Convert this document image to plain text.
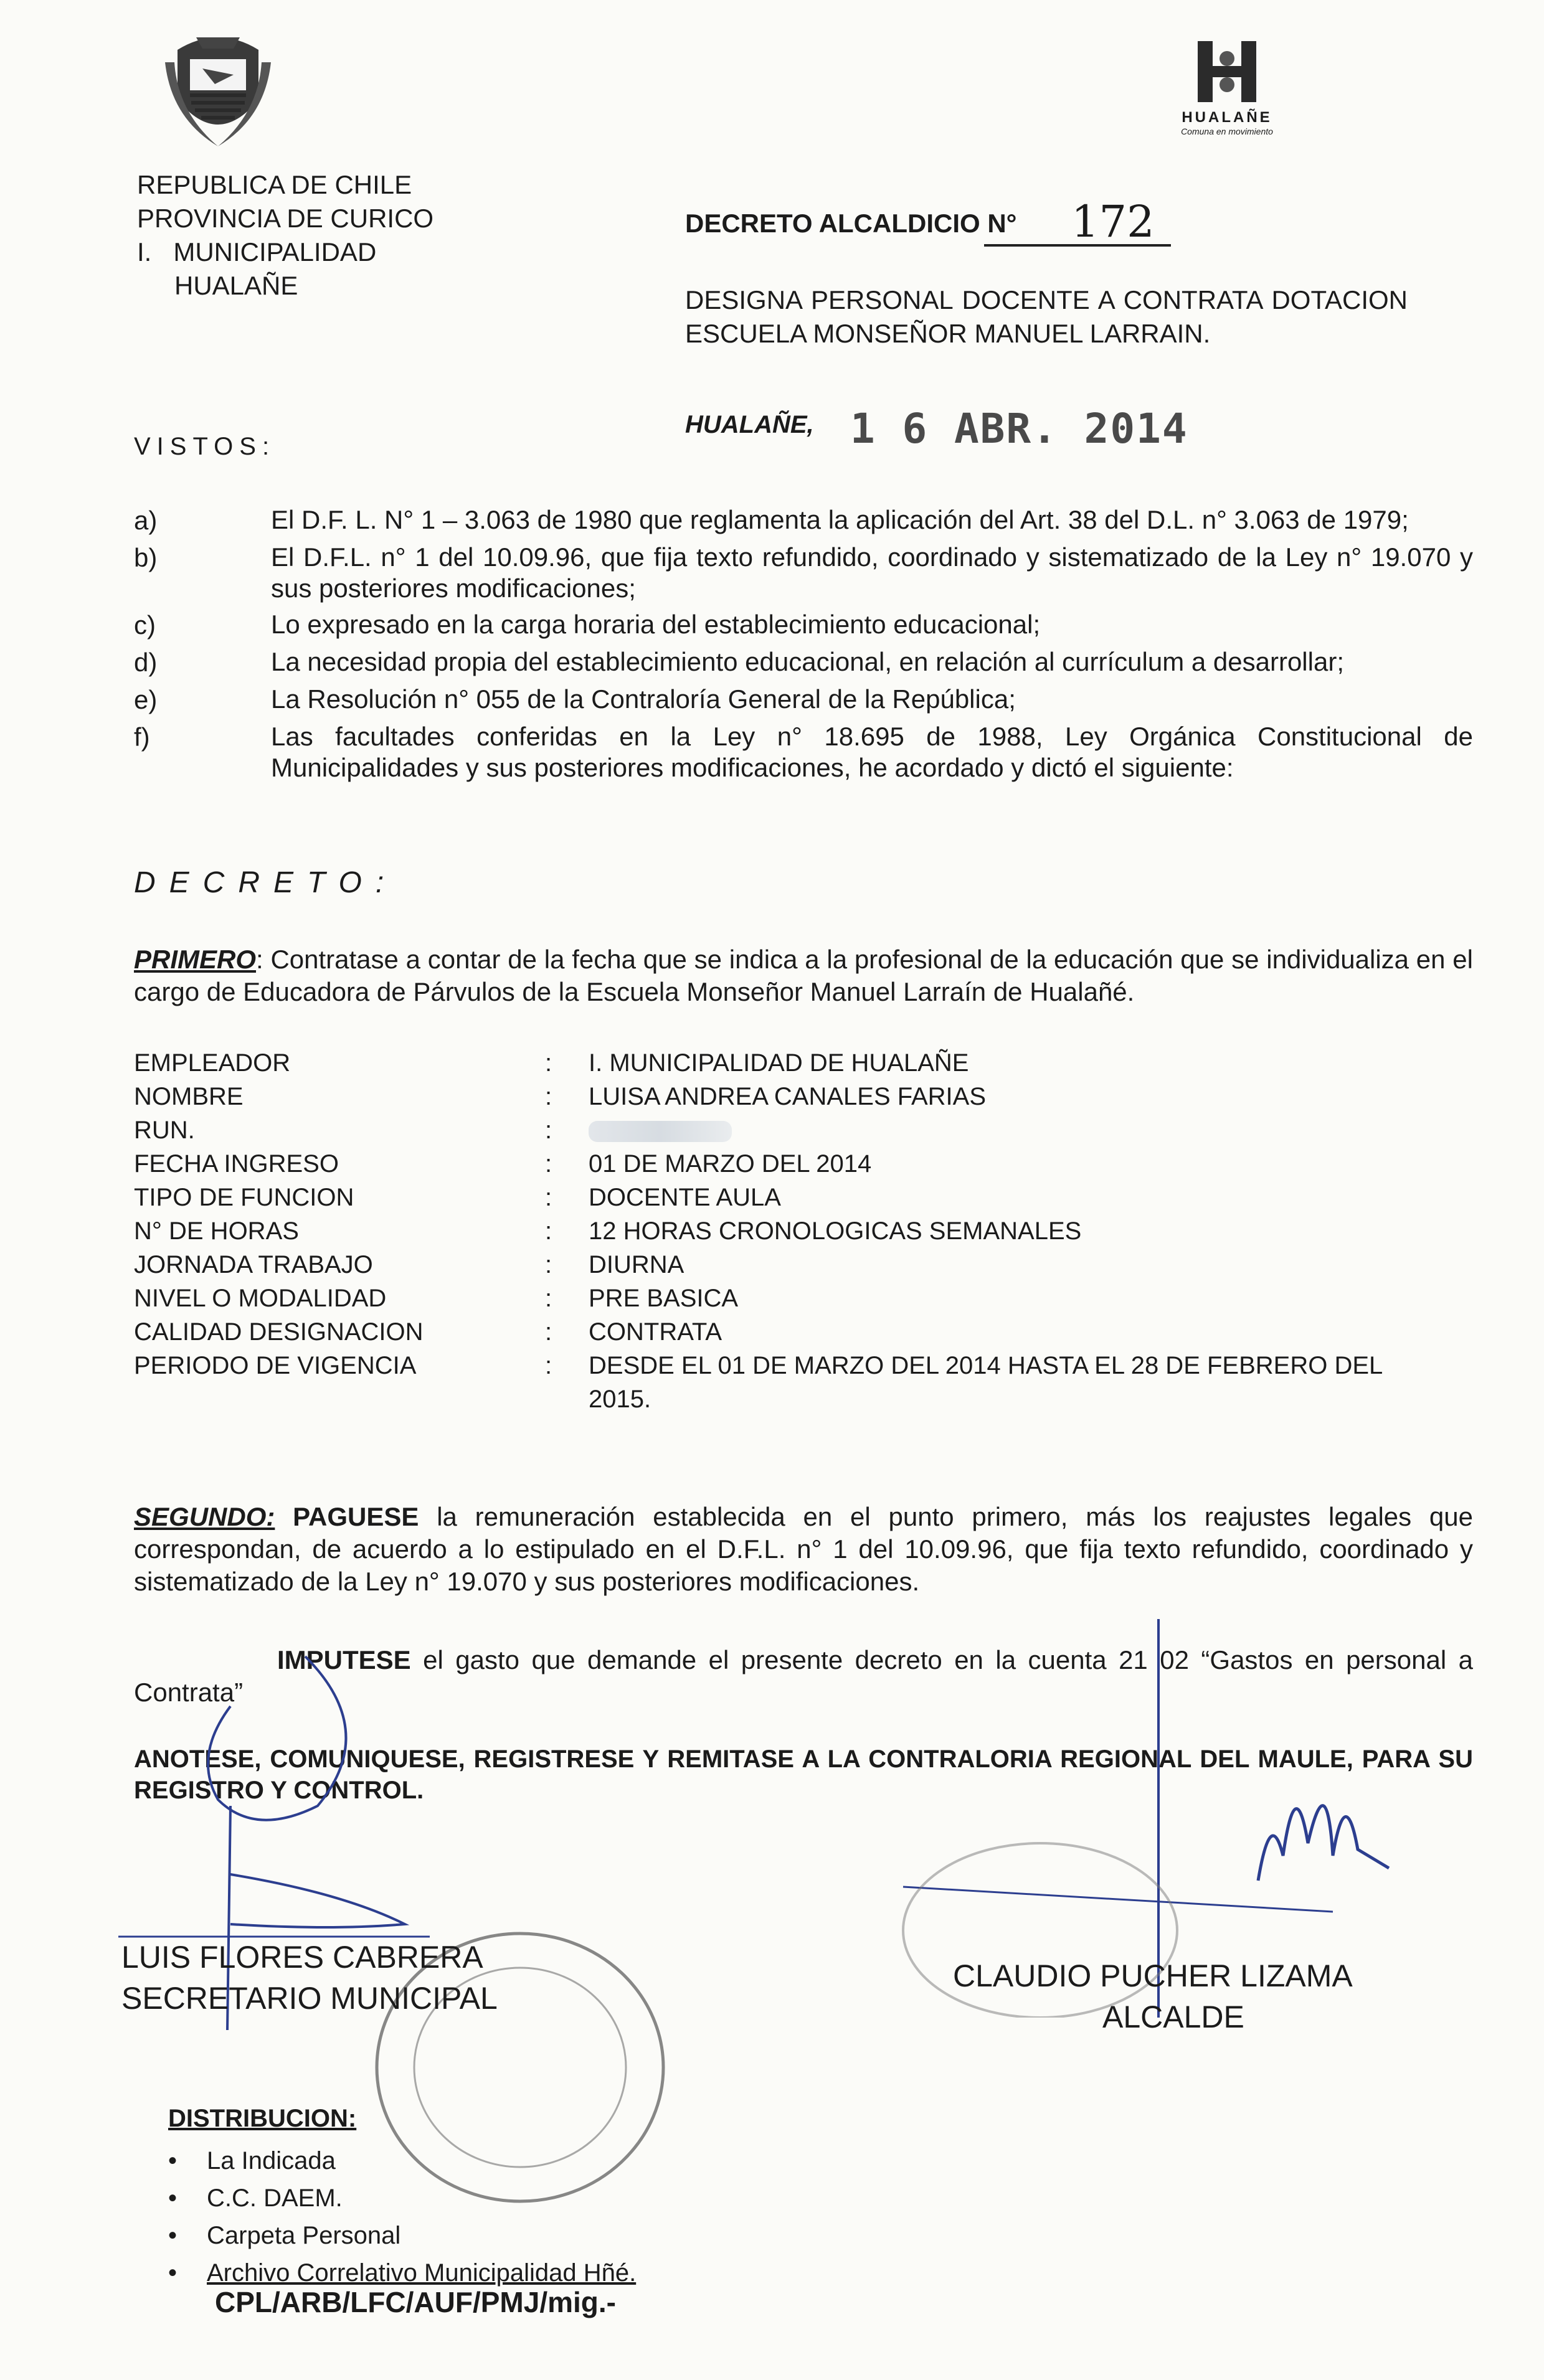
HUALAÑE
Comuna en movimiento
REPUBLICA DE CHILE
PROVINCIA DE CURICO
I.   MUNICIPALIDAD
HUALAÑE
DECRETO ALCALDICIO N° 172
DESIGNA PERSONAL DOCENTE A CONTRATA DOTACION ESCUELA MONSEÑOR MANUEL LARRAIN.
HUALAÑE, 1 6 ABR. 2014
VISTOS:
a)	El D.F. L. N° 1 – 3.063 de 1980 que reglamenta la aplicación del Art. 38 del D.L. n° 3.063 de 1979;
b)	El D.F.L. n° 1 del 10.09.96, que fija texto refundido, coordinado y sistematizado de la Ley n° 19.070 y sus posteriores modificaciones;
c)	Lo expresado en la carga horaria del establecimiento educacional;
d)	La necesidad propia del establecimiento educacional, en relación al currículum a desarrollar;
e)	La Resolución n° 055 de la Contraloría General de la República;
f)	Las facultades conferidas en la Ley n° 18.695 de 1988, Ley Orgánica Constitucional de Municipalidades y sus posteriores modificaciones, he acordado y dictó el siguiente:
DECRETO:
PRIMERO: Contratase a contar de la fecha que se indica a la profesional de la educación que se individualiza en el cargo de Educadora de Párvulos de la Escuela Monseñor Manuel Larraín de Hualañé.
EMPLEADOR	:	I. MUNICIPALIDAD DE HUALAÑE
NOMBRE	:	LUISA ANDREA CANALES FARIAS
RUN.	:
FECHA INGRESO	:	01 DE MARZO DEL 2014
TIPO DE FUNCION	:	DOCENTE AULA
N° DE HORAS	:	12 HORAS CRONOLOGICAS SEMANALES
JORNADA TRABAJO	:	DIURNA
NIVEL O MODALIDAD	:	PRE BASICA
CALIDAD DESIGNACION	:	CONTRATA
PERIODO DE VIGENCIA	:	DESDE EL 01 DE MARZO DEL 2014 HASTA EL 28 DE FEBRERO DEL 2015.
SEGUNDO: PAGUESE la remuneración establecida en el punto primero, más los reajustes legales que correspondan, de acuerdo a lo estipulado en el D.F.L. n° 1 del 10.09.96, que fija texto refundido, coordinado y sistematizado de la Ley n° 19.070 y sus posteriores modificaciones.
IMPUTESE el gasto que demande el presente decreto en la cuenta 21 02 “Gastos en personal a Contrata”
ANOTESE, COMUNIQUESE, REGISTRESE Y REMITASE A LA CONTRALORIA REGIONAL DEL MAULE, PARA SU REGISTRO Y CONTROL.
LUIS FLORES CABRERA
SECRETARIO MUNICIPAL
CLAUDIO PUCHER LIZAMA
ALCALDE
DISTRIBUCION:
• La Indicada
• C.C. DAEM.
• Carpeta Personal
• Archivo Correlativo Municipalidad Hñé.
CPL/ARB/LFC/AUF/PMJ/mig.-
